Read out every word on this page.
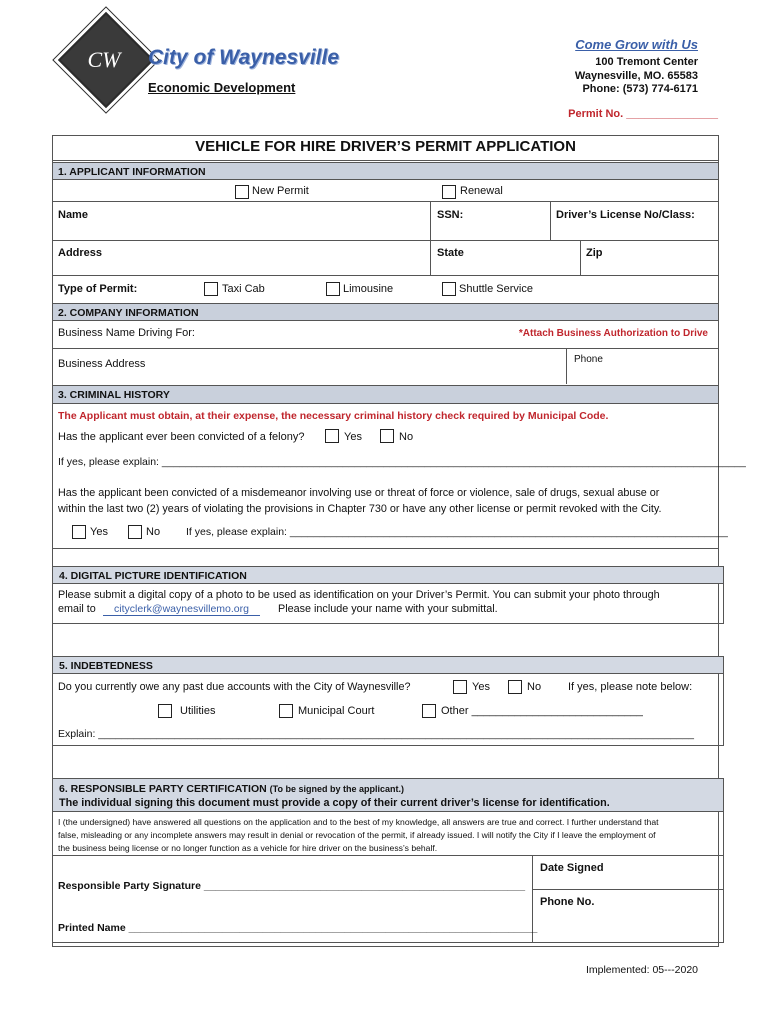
CW City of Waynesville
Economic Development
Come Grow with Us
100 Tremont Center
Waynesville, MO. 65583
Phone: (573) 774-6171
Permit No. _______________
VEHICLE FOR HIRE DRIVER’S PERMIT APPLICATION
1. APPLICANT INFORMATION
New Permit	Renewal
Name	SSN:	Driver’s License No/Class:
Address	State	Zip
Type of Permit:	Taxi Cab	Limousine	Shuttle Service
2. COMPANY INFORMATION
Business Name Driving For:	*Attach Business Authorization to Drive
Business Address	Phone
3. CRIMINAL HISTORY
The Applicant must obtain, at their expense, the necessary criminal history check required by Municipal Code.
Has the applicant ever been convicted of a felony?	Yes	No
If yes, please explain: ____________________________________________________________________________________________________
Has the applicant been convicted of a misdemeanor involving use or threat of force or violence, sale of drugs, sexual abuse or
within the last two (2) years of violating the provisions in Chapter 730 or have any other license or permit revoked with the City.
Yes	No If yes, please explain: ___________________________________________________________________________
4. DIGITAL PICTURE IDENTIFICATION
Please submit a digital copy of a photo to be used as identification on your Driver’s Permit. You can submit your photo through
email to	cityclerk@waynesvillemo.org	Please include your name with your submittal.
5. INDEBTEDNESS
Do you currently owe any past due accounts with the City of Waynesville?	Yes	No If yes, please note below:
Utilities	Municipal Court	Other ____________________________
Explain: ______________________________________________________________________________________________________
6. RESPONSIBLE PARTY CERTIFICATION (To be signed by the applicant.)
The individual signing this document must provide a copy of their current driver’s license for identification.
I (the undersigned) have answered all questions on the application and to the best of my knowledge, all answers are true and correct. I further understand that
false, misleading or any incomplete answers may result in denial or revocation of the permit, if already issued. I will notify the City if I leave the employment of
the business being license or no longer function as a vehicle for hire driver on the business’s behalf.
Date Signed
Phone No.
Responsible Party Signature _______________________________________________________
Printed Name ______________________________________________________________________
Implemented: 05---2020
